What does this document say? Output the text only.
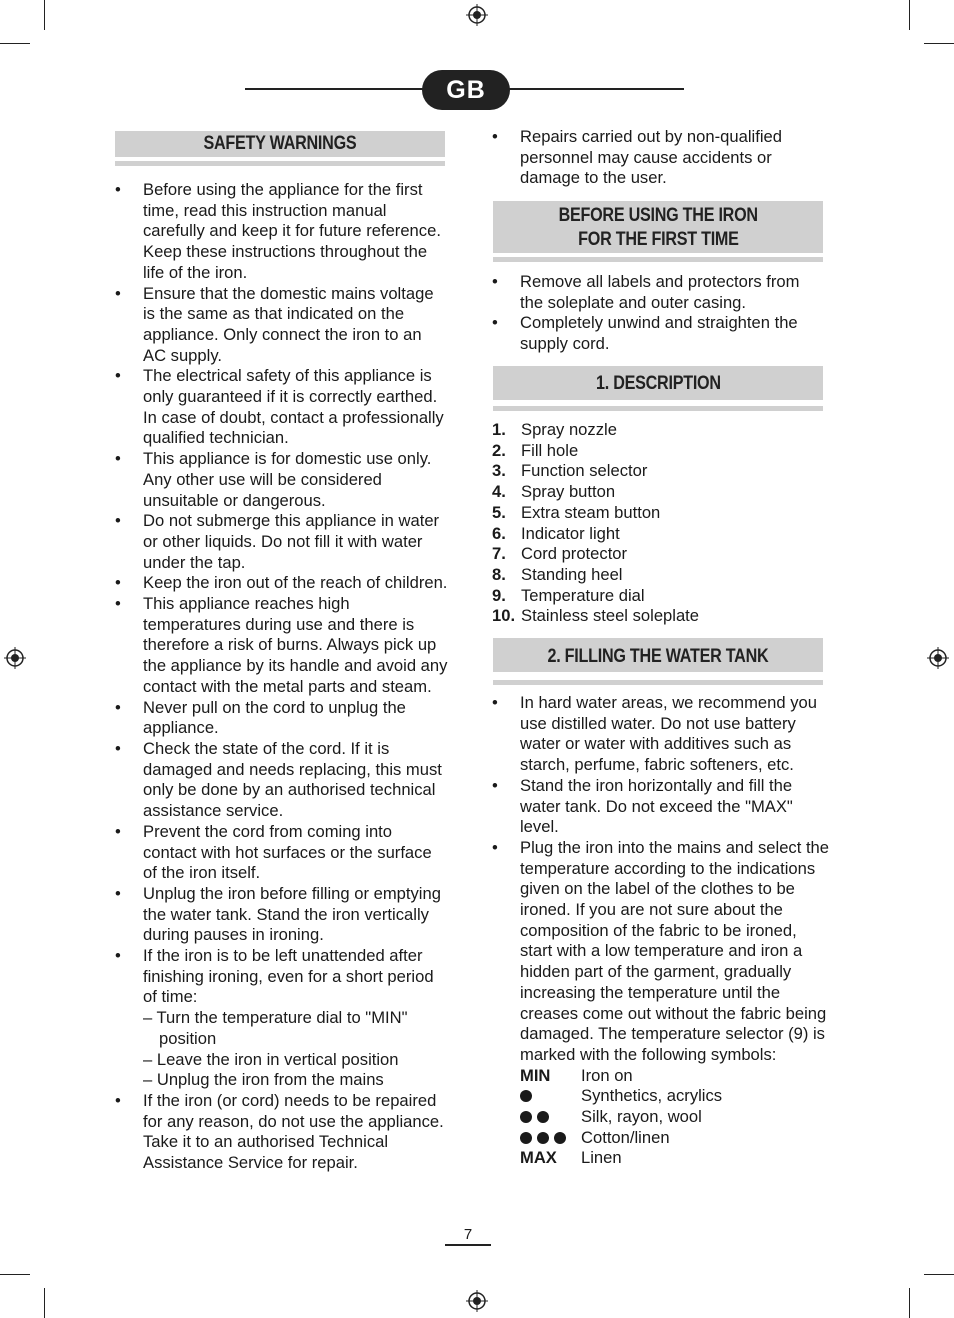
GB
SAFETY WARNINGS
• Before using the appliance for the first time, read this instruction manual carefully and keep it for future reference. Keep these instructions throughout the life of the iron.
• Ensure that the domestic mains voltage is the same as that indicated on the appliance. Only connect the iron to an AC supply.
• The electrical safety of this appliance is only guaranteed if it is correctly earthed. In case of doubt, contact a professionally qualified technician.
• This appliance is for domestic use only. Any other use will be considered unsuitable or dangerous.
• Do not submerge this appliance in water or other liquids. Do not fill it with water under the tap.
• Keep the iron out of the reach of children.
• This appliance reaches high temperatures during use and there is therefore a risk of burns. Always pick up the appliance by its handle and avoid any contact with the metal parts and steam.
• Never pull on the cord to unplug the appliance.
• Check the state of the cord. If it is damaged and needs replacing, this must only be done by an authorised technical assistance service.
• Prevent the cord from coming into contact with hot surfaces or the surface of the iron itself.
• Unplug the iron before filling or emptying the water tank. Stand the iron vertically during pauses in ironing.
• If the iron is to be left unattended after finishing ironing, even for a short period of time:
– Turn the temperature dial to "MIN" position
– Leave the iron in vertical position
– Unplug the iron from the mains
• If the iron (or cord) needs to be repaired for any reason, do not use the appliance. Take it to an authorised Technical Assistance Service for repair.
• Repairs carried out by non-qualified personnel may cause accidents or damage to the user.
BEFORE USING THE IRON
FOR THE FIRST TIME
• Remove all labels and protectors from the soleplate and outer casing.
• Completely unwind and straighten the supply cord.
1. DESCRIPTION
1. Spray nozzle
2. Fill hole
3. Function selector
4. Spray button
5. Extra steam button
6. Indicator light
7. Cord protector
8. Standing heel
9. Temperature dial
10. Stainless steel soleplate
2. FILLING THE WATER TANK
• In hard water areas, we recommend you use distilled water. Do not use battery water or water with additives such as starch, perfume, fabric softeners, etc.
• Stand the iron horizontally and fill the water tank. Do not exceed the "MAX" level.
• Plug the iron into the mains and select the temperature according to the indications given on the label of the clothes to be ironed. If you are not sure about the composition of the fabric to be ironed, start with a low temperature and iron a hidden part of the garment, gradually increasing the temperature until the creases come out without the fabric being damaged. The temperature selector (9) is marked with the following symbols:
MIN	Iron on
	Synthetics, acrylics
	Silk, rayon, wool
	Cotton/linen
MAX	Linen
7
